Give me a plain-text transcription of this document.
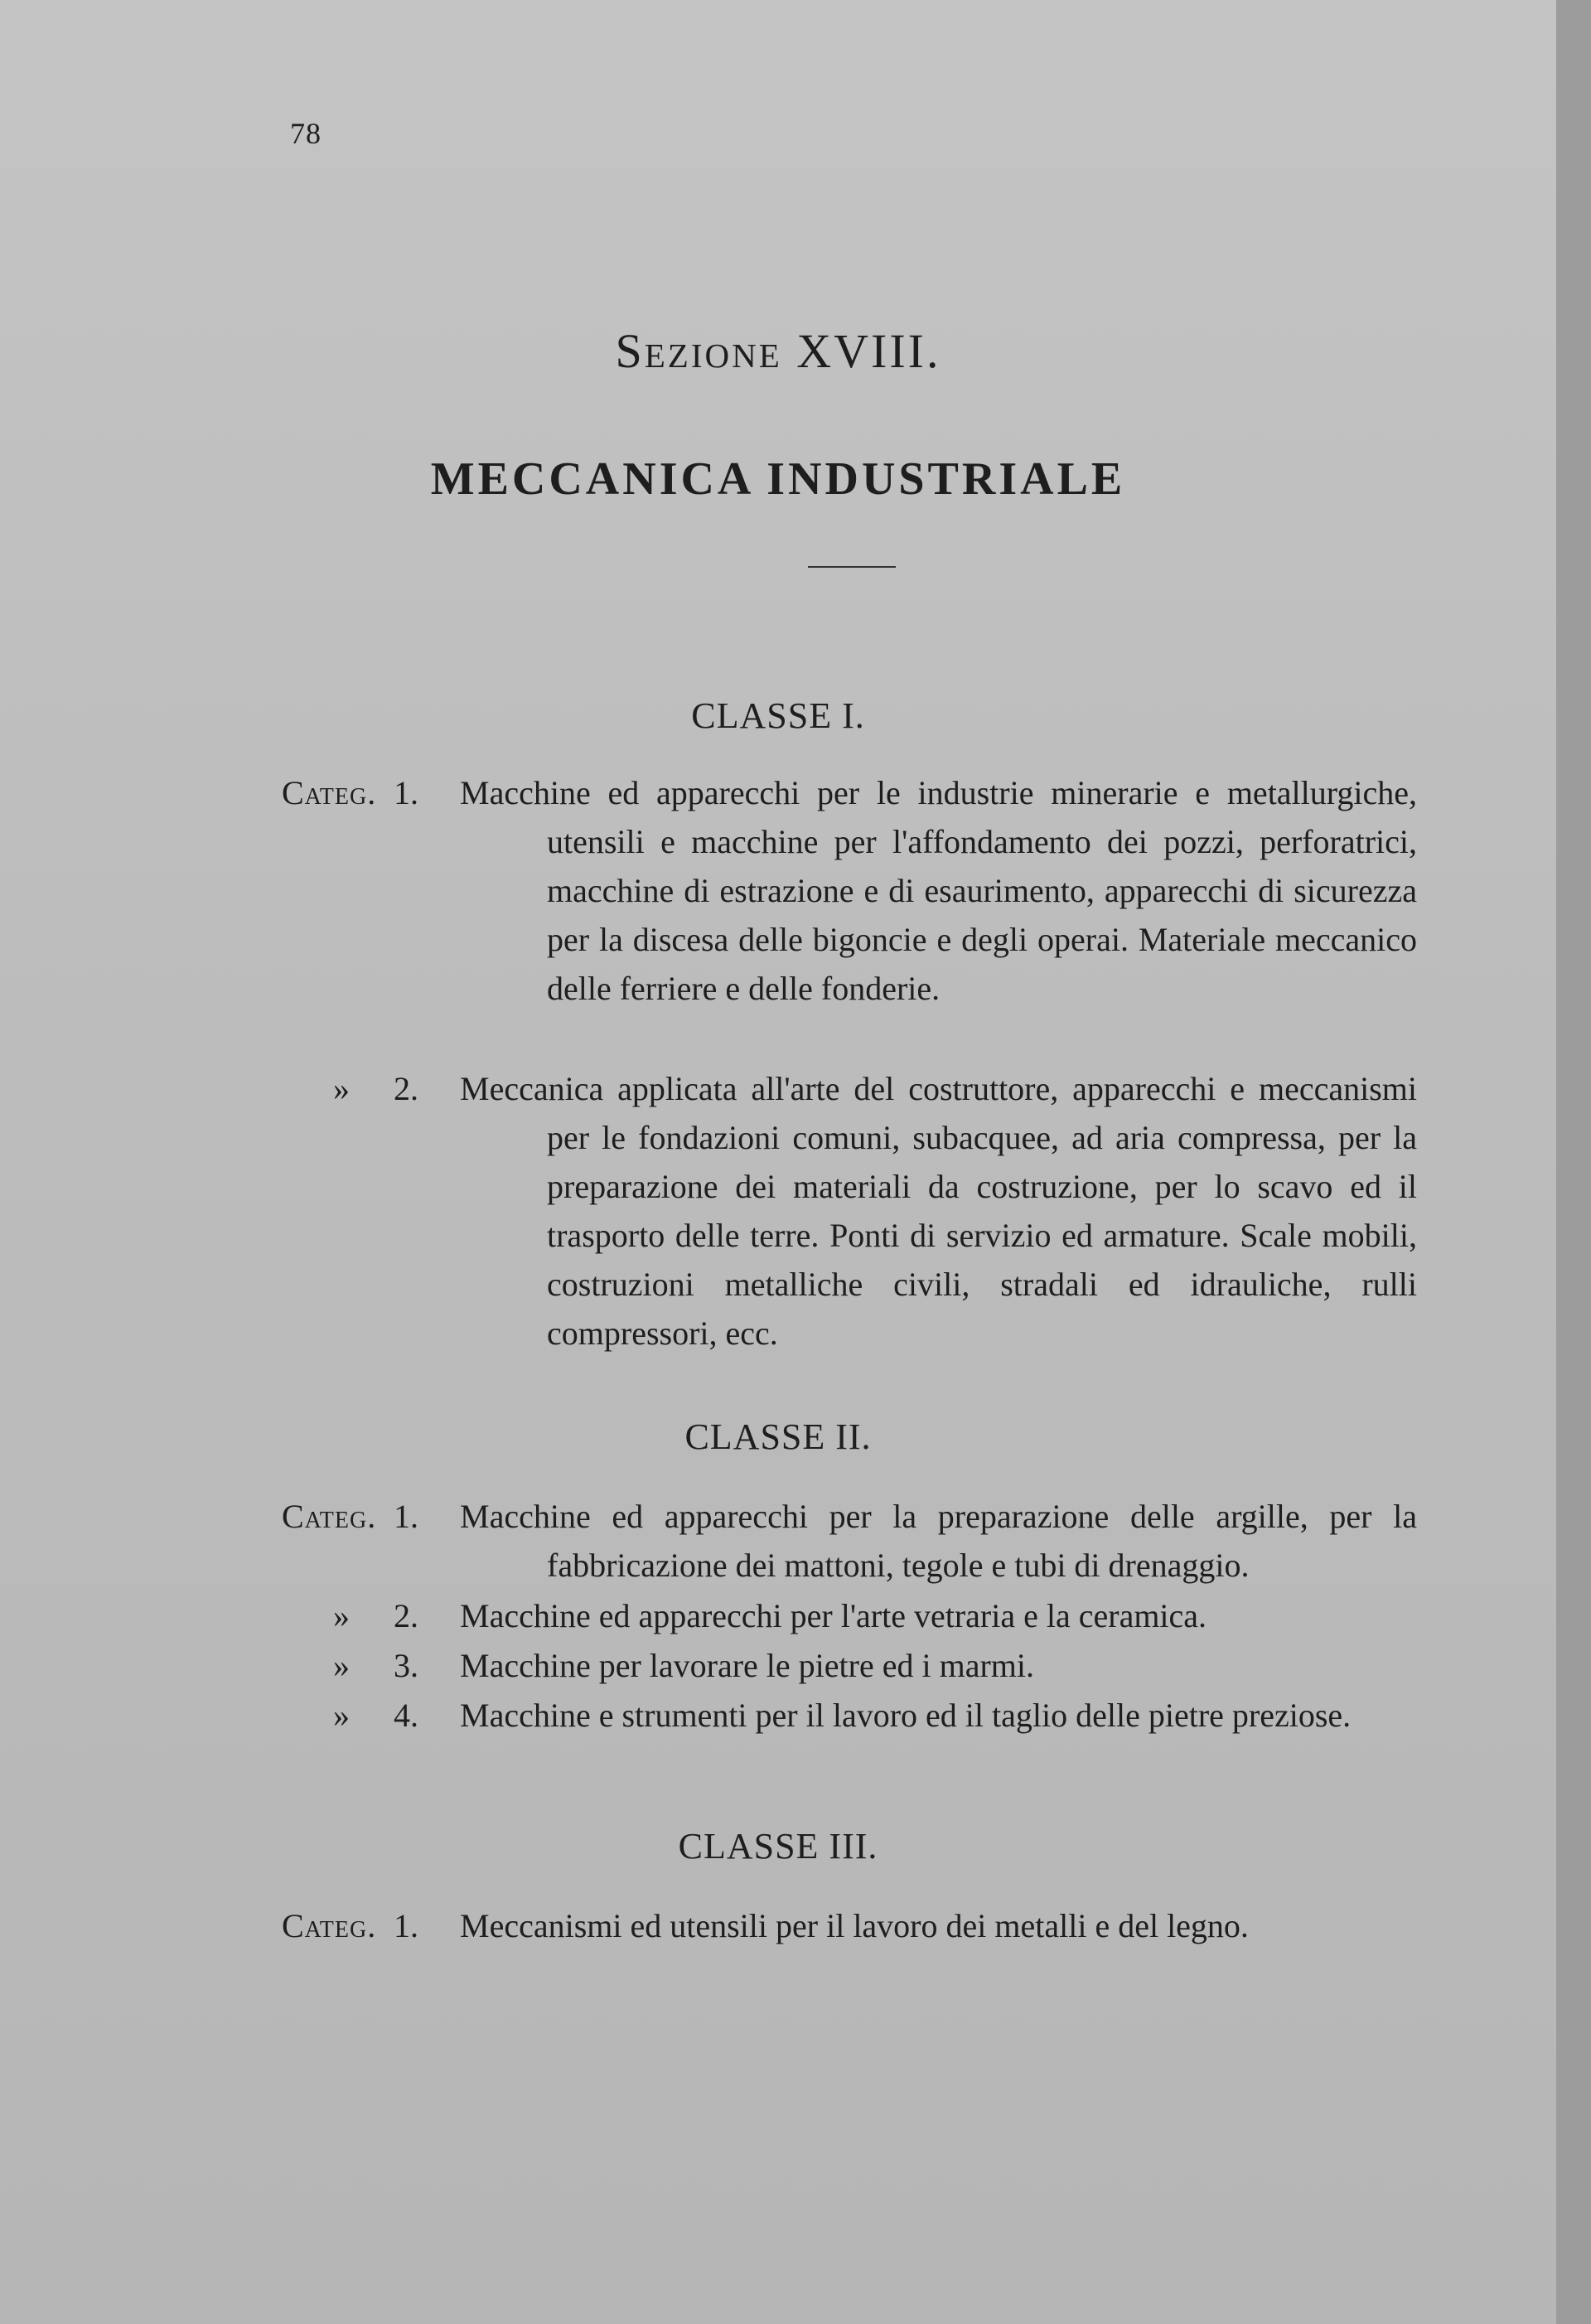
78
Sezione XVIII.
MECCANICA INDUSTRIALE
CLASSE I.
Categ. 1. Macchine ed apparecchi per le industrie minerarie e metallurgiche, utensili e macchine per l'affondamento dei pozzi, perforatrici, macchine di estrazione e di esaurimento, apparecchi di sicurezza per la discesa delle bigoncie e degli operai. Materiale meccanico delle ferriere e delle fonderie.
» 2. Meccanica applicata all'arte del costruttore, apparecchi e meccanismi per le fondazioni comuni, subacquee, ad aria compressa, per la preparazione dei materiali da costruzione, per lo scavo ed il trasporto delle terre. Ponti di servizio ed armature. Scale mobili, costruzioni metalliche civili, stradali ed idrauliche, rulli compressori, ecc.
CLASSE II.
Categ. 1. Macchine ed apparecchi per la preparazione delle argille, per la fabbricazione dei mattoni, tegole e tubi di drenaggio.
» 2. Macchine ed apparecchi per l'arte vetraria e la ceramica.
» 3. Macchine per lavorare le pietre ed i marmi.
» 4. Macchine e strumenti per il lavoro ed il taglio delle pietre preziose.
CLASSE III.
Categ. 1. Meccanismi ed utensili per il lavoro dei metalli e del legno.
